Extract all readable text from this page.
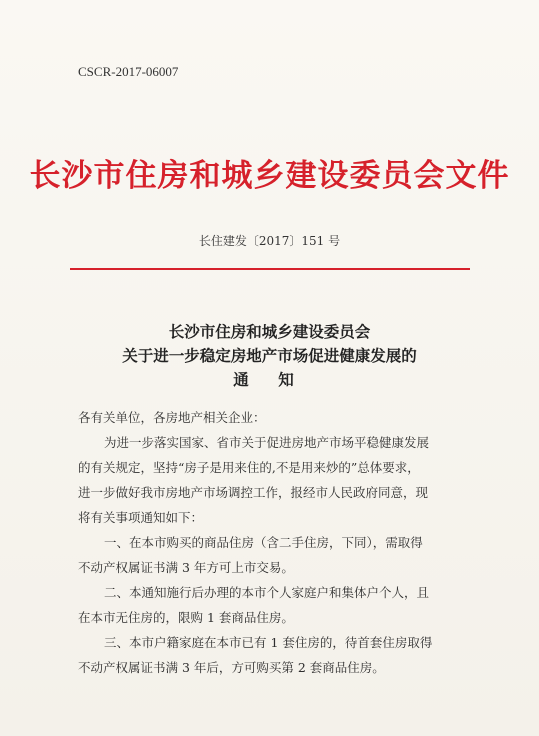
CSCR-2017-06007
长沙市住房和城乡建设委员会文件
长住建发〔2017〕151 号
长沙市住房和城乡建设委员会
关于进一步稳定房地产市场促进健康发展的
通 知
各有关单位，各房地产相关企业：
为进一步落实国家、省市关于促进房地产市场平稳健康发展
的有关规定，坚持“房子是用来住的,不是用来炒的”总体要求，
进一步做好我市房地产市场调控工作，报经市人民政府同意，现
将有关事项通知如下：
一、在本市购买的商品住房（含二手住房，下同），需取得
不动产权属证书满 3 年方可上市交易。
二、本通知施行后办理的本市个人家庭户和集体户个人，且
在本市无住房的，限购 1 套商品住房。
三、本市户籍家庭在本市已有 1 套住房的，待首套住房取得
不动产权属证书满 3 年后，方可购买第 2 套商品住房。
